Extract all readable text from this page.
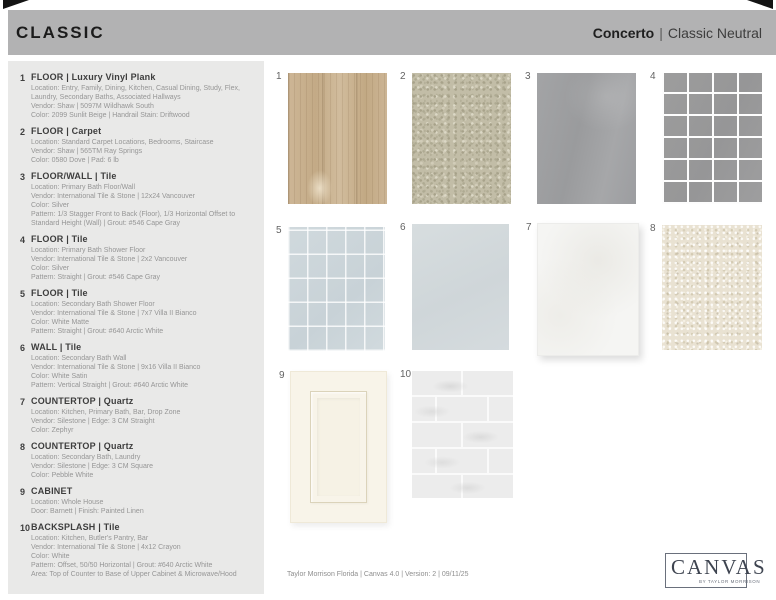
CLASSIC	Concerto | Classic Neutral
1 FLOOR | Luxury Vinyl Plank
Location: Entry, Family, Dining, Kitchen, Casual Dining, Study, Flex, Laundry, Secondary Baths, Associated Hallways
Vendor: Shaw | 5097M Wildhawk South
Color: 2099 Sunlit Beige | Handrail Stain: Driftwood
2 FLOOR | Carpet
Location: Standard Carpet Locations, Bedrooms, Staircase
Vendor: Shaw | 565TM Ray Springs
Color: 0580 Dove | Pad: 6 lb
3 FLOOR/WALL | Tile
Location: Primary Bath Floor/Wall
Vendor: International Tile & Stone | 12x24 Vancouver
Color: Silver
Pattern: 1/3 Stagger Front to Back (Floor), 1/3 Horizontal Offset to Standard Height (Wall) | Grout: #546 Cape Gray
4 FLOOR | Tile
Location: Primary Bath Shower Floor
Vendor: International Tile & Stone | 2x2 Vancouver
Color: Silver
Pattern: Straight | Grout: #546 Cape Gray
5 FLOOR | Tile
Location: Secondary Bath Shower Floor
Vendor: International Tile & Stone | 7x7 Villa II Bianco
Color: White Matte
Pattern: Straight | Grout: #640 Arctic White
6 WALL | Tile
Location: Secondary Bath Wall
Vendor: International Tile & Stone | 9x16 Villa II Bianco
Color: White Satin
Pattern: Vertical Straight | Grout: #640 Arctic White
7 COUNTERTOP | Quartz
Location: Kitchen, Primary Bath, Bar, Drop Zone
Vendor: Silestone | Edge: 3 CM Straight
Color: Zephyr
8 COUNTERTOP | Quartz
Location: Secondary Bath, Laundry
Vendor: Silestone | Edge: 3 CM Square
Color: Pebble White
9 CABINET
Location: Whole House
Door: Barnett | Finish: Painted Linen
10 BACKSPLASH | Tile
Location: Kitchen, Butler's Pantry, Bar
Vendor: International Tile & Stone | 4x12 Crayon
Color: White
Pattern: Offset, 50/50 Horizontal | Grout: #640 Arctic White
Area: Top of Counter to Base of Upper Cabinet & Microwave/Hood
1	2	3	4
5	6	7	8
9	10
Taylor Morrison Florida | Canvas 4.0 | Version: 2 | 09/11/25	CANVAS
BY TAYLOR MORRISON
